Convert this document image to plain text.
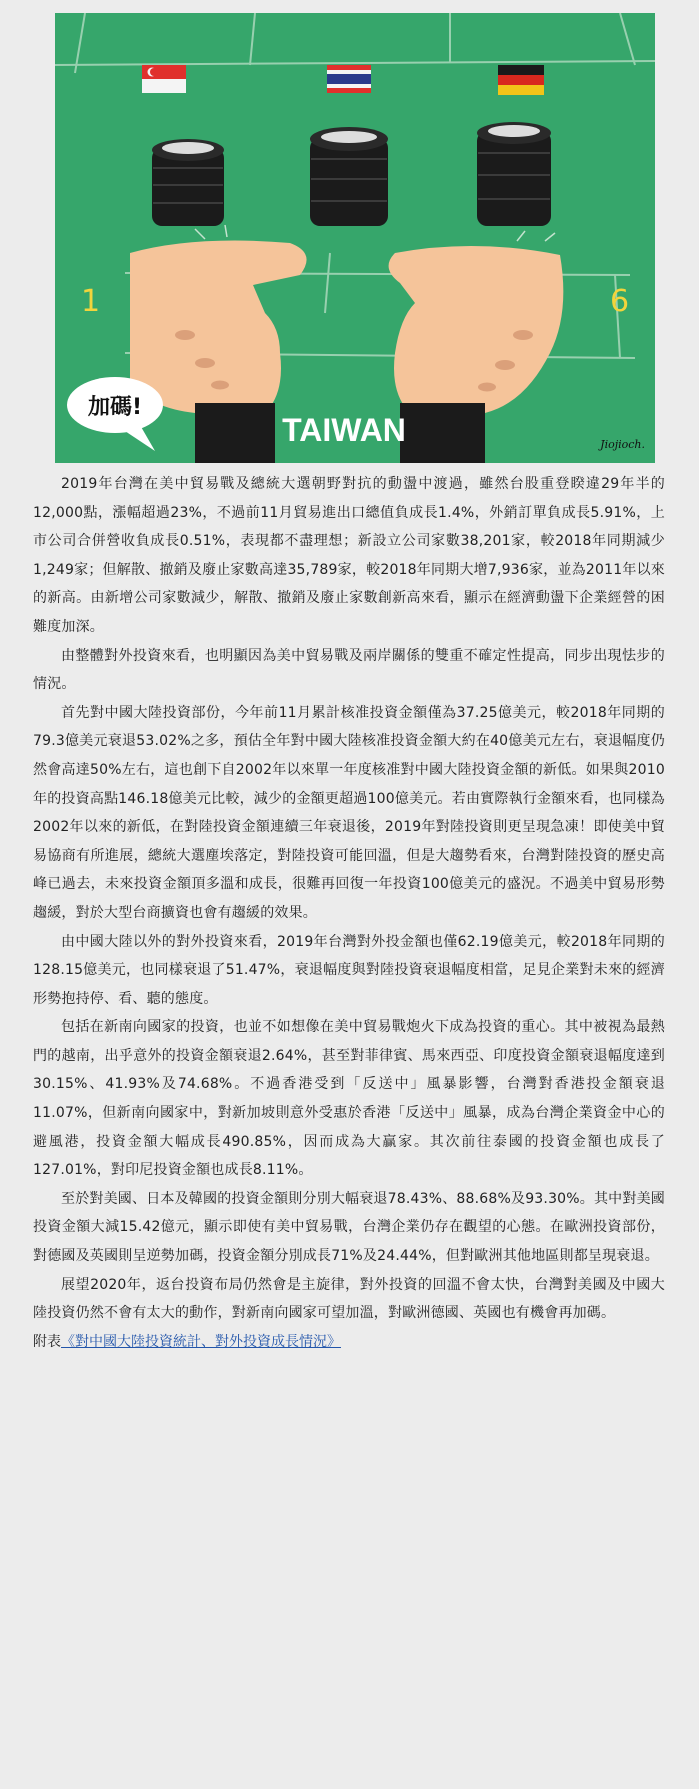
1	6
加碼!
TAIWAN	Jiojioch.

2019年台灣在美中貿易戰及總統大選朝野對抗的動盪中渡過，雖然台股重登睽違29年半的12,000點，漲幅超過23%，不過前11月貿易進出口總值負成長1.4%，外銷訂單負成長5.91%，上市公司合併營收負成長0.51%，表現都不盡理想；新設立公司家數38,201家，較2018年同期減少1,249家；但解散、撤銷及廢止家數高達35,789家，較2018年同期大增7,936家，並為2011年以來的新高。由新增公司家數減少，解散、撤銷及廢止家數創新高來看，顯示在經濟動盪下企業經營的困難度加深。

由整體對外投資來看，也明顯因為美中貿易戰及兩岸關係的雙重不確定性提高，同步出現怯步的情況。

首先對中國大陸投資部份，今年前11月累計核准投資金額僅為37.25億美元，較2018年同期的79.3億美元衰退53.02%之多，預估全年對中國大陸核准投資金額大約在40億美元左右，衰退幅度仍然會高達50%左右，這也創下自2002年以來單一年度核准對中國大陸投資金額的新低。如果與2010年的投資高點146.18億美元比較，減少的金額更超過100億美元。若由實際執行金額來看，也同樣為2002年以來的新低，在對陸投資金額連續三年衰退後，2019年對陸投資則更呈現急凍！即使美中貿易協商有所進展，總統大選塵埃落定，對陸投資可能回溫，但是大趨勢看來，台灣對陸投資的歷史高峰已過去，未來投資金額頂多溫和成長，很難再回復一年投資100億美元的盛況。不過美中貿易形勢趨緩，對於大型台商擴資也會有趨緩的效果。

由中國大陸以外的對外投資來看，2019年台灣對外投金額也僅62.19億美元，較2018年同期的128.15億美元，也同樣衰退了51.47%，衰退幅度與對陸投資衰退幅度相當，足見企業對未來的經濟形勢抱持停、看、聽的態度。

包括在新南向國家的投資，也並不如想像在美中貿易戰炮火下成為投資的重心。其中被視為最熱門的越南，出乎意外的投資金額衰退2.64%，甚至對菲律賓、馬來西亞、印度投資金額衰退幅度達到30.15%、41.93%及74.68%。不過香港受到「反送中」風暴影響，台灣對香港投金額衰退11.07%，但新南向國家中，對新加坡則意外受惠於香港「反送中」風暴，成為台灣企業資金中心的避風港，投資金額大幅成長490.85%，因而成為大贏家。其次前往泰國的投資金額也成長了127.01%，對印尼投資金額也成長8.11%。

至於對美國、日本及韓國的投資金額則分別大幅衰退78.43%、88.68%及93.30%。其中對美國投資金額大減15.42億元，顯示即使有美中貿易戰，台灣企業仍存在觀望的心態。在歐洲投資部份，對德國及英國則呈逆勢加碼，投資金額分別成長71%及24.44%，但對歐洲其他地區則都呈現衰退。

展望2020年，返台投資布局仍然會是主旋律，對外投資的回溫不會太快，台灣對美國及中國大陸投資仍然不會有太大的動作，對新南向國家可望加溫，對歐洲德國、英國也有機會再加碼。

附表《對中國大陸投資統計、對外投資成長情況》
